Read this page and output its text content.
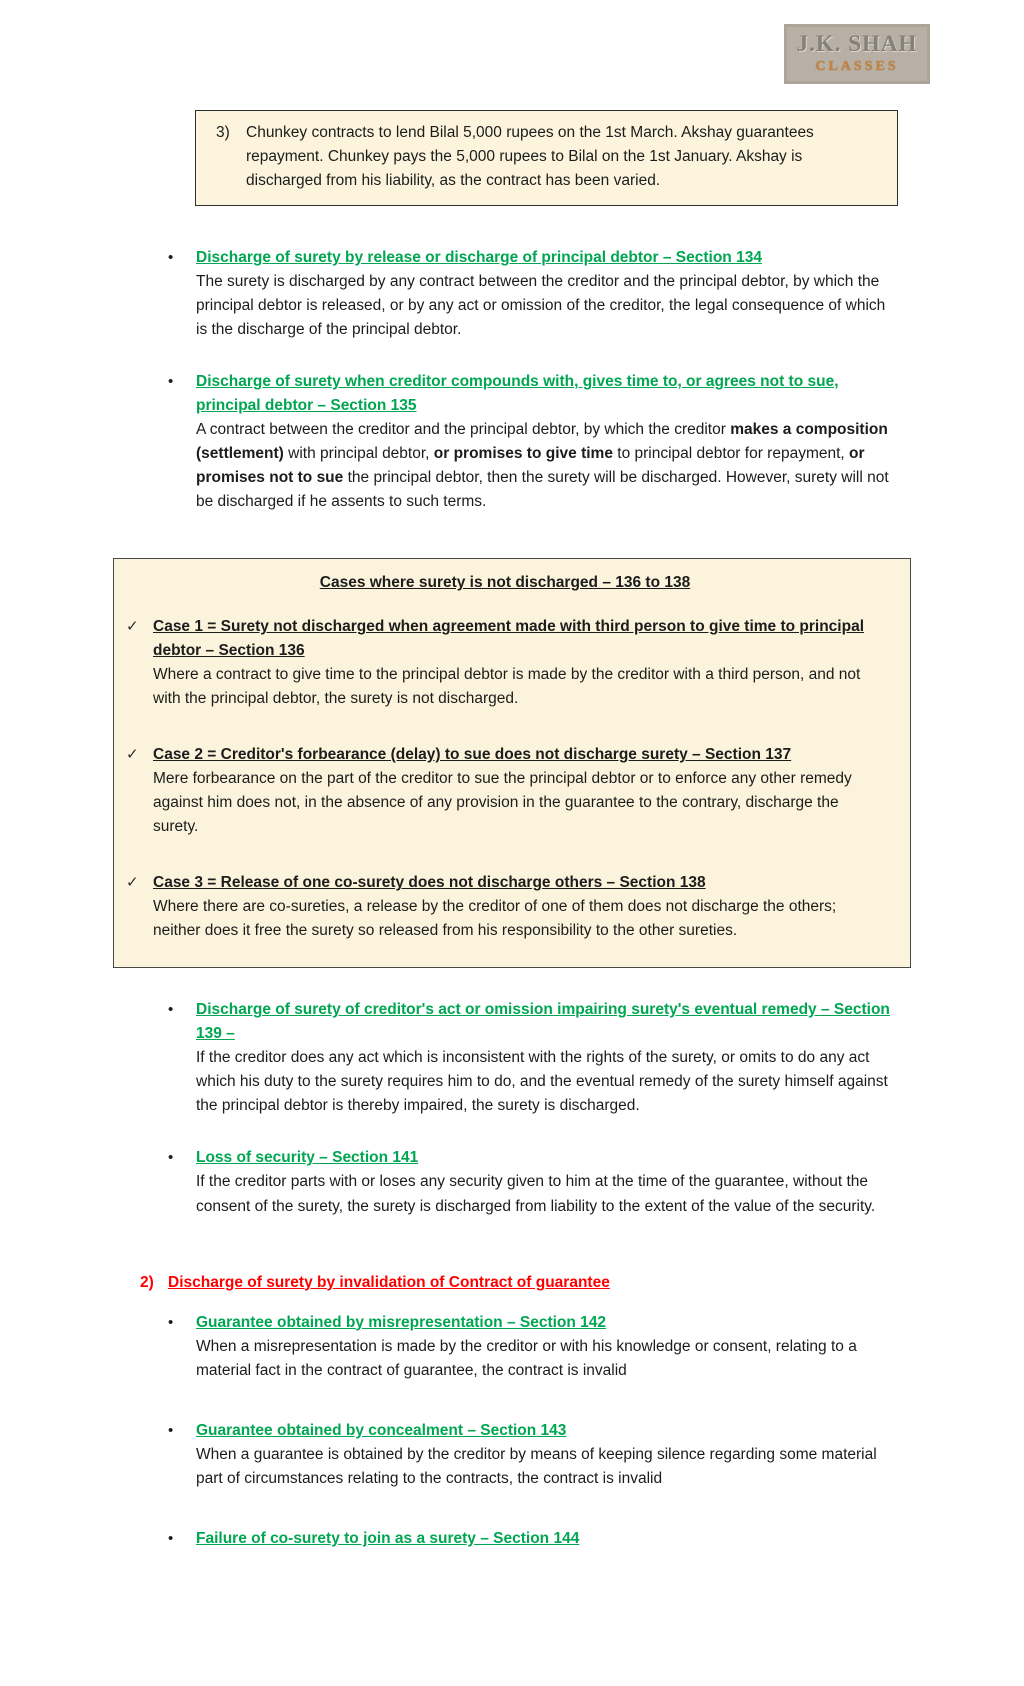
J.K. SHAH
CLASSES
3)	Chunkey contracts to lend Bilal 5,000 rupees on the 1st March. Akshay guarantees repayment. Chunkey pays the 5,000 rupees to Bilal on the 1st January. Akshay is discharged from his liability, as the contract has been varied.
•	Discharge of surety by release or discharge of principal debtor – Section 134
The surety is discharged by any contract between the creditor and the principal debtor, by which the principal debtor is released, or by any act or omission of the creditor, the legal consequence of which is the discharge of the principal debtor.
•	Discharge of surety when creditor compounds with, gives time to, or agrees not to sue, principal debtor – Section 135
A contract between the creditor and the principal debtor, by which the creditor makes a composition (settlement) with principal debtor, or promises to give time to principal debtor for repayment, or promises not to sue the principal debtor, then the surety will be discharged. However, surety will not be discharged if he assents to such terms.
Cases where surety is not discharged – 136 to 138
✓ Case 1 = Surety not discharged when agreement made with third person to give time to principal debtor – Section 136
Where a contract to give time to the principal debtor is made by the creditor with a third person, and not with the principal debtor, the surety is not discharged.
✓ Case 2 = Creditor's forbearance (delay) to sue does not discharge surety – Section 137
Mere forbearance on the part of the creditor to sue the principal debtor or to enforce any other remedy against him does not, in the absence of any provision in the guarantee to the contrary, discharge the surety.
✓ Case 3 = Release of one co-surety does not discharge others – Section 138
Where there are co-sureties, a release by the creditor of one of them does not discharge the others; neither does it free the surety so released from his responsibility to the other sureties.
•	Discharge of surety of creditor's act or omission impairing surety's eventual remedy – Section 139 –
If the creditor does any act which is inconsistent with the rights of the surety, or omits to do any act which his duty to the surety requires him to do, and the eventual remedy of the surety himself against the principal debtor is thereby impaired, the surety is discharged.
•	Loss of security – Section 141
If the creditor parts with or loses any security given to him at the time of the guarantee, without the consent of the surety, the surety is discharged from liability to the extent of the value of the security.
2) Discharge of surety by invalidation of Contract of guarantee
•	Guarantee obtained by misrepresentation – Section 142
When a misrepresentation is made by the creditor or with his knowledge or consent, relating to a material fact in the contract of guarantee, the contract is invalid
•	Guarantee obtained by concealment – Section 143
When a guarantee is obtained by the creditor by means of keeping silence regarding some material part of circumstances relating to the contracts, the contract is invalid
•	Failure of co-surety to join as a surety – Section 144
